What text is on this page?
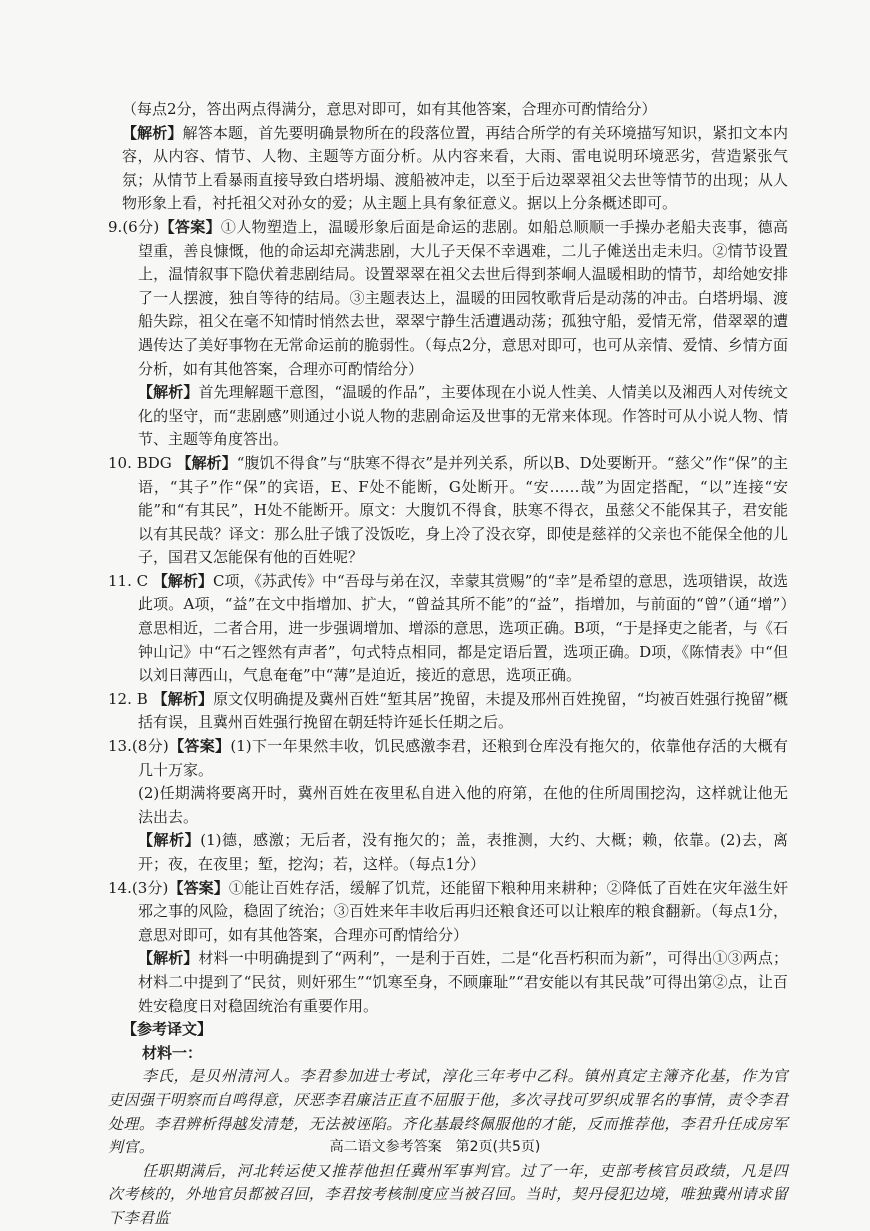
（每点2分，答出两点得满分，意思对即可，如有其他答案，合理亦可酌情给分）
【解析】解答本题，首先要明确景物所在的段落位置，再结合所学的有关环境描写知识，紧扣文本内容，从内容、情节、人物、主题等方面分析。从内容来看，大雨、雷电说明环境恶劣，营造紧张气氛；从情节上看暴雨直接导致白塔坍塌、渡船被冲走，以至于后边翠翠祖父去世等情节的出现；从人物形象上看，衬托祖父对孙女的爱；从主题上具有象征意义。据以上分条概述即可。
9.(6分)【答案】①人物塑造上，温暖形象后面是命运的悲剧。如船总顺顺一手操办老船夫丧事，德高望重，善良慷慨，他的命运却充满悲剧，大儿子天保不幸遇难，二儿子傩送出走未归。②情节设置上，温情叙事下隐伏着悲剧结局。设置翠翠在祖父去世后得到茶峒人温暖相助的情节，却给她安排了一人摆渡，独自等待的结局。③主题表达上，温暖的田园牧歌背后是动荡的冲击。白塔坍塌、渡船失踪，祖父在毫不知情时悄然去世，翠翠宁静生活遭遇动荡；孤独守船，爱情无常，借翠翠的遭遇传达了美好事物在无常命运前的脆弱性。（每点2分，意思对即可，也可从亲情、爱情、乡情方面分析，如有其他答案，合理亦可酌情给分）
【解析】首先理解题干意图，“温暖的作品”，主要体现在小说人性美、人情美以及湘西人对传统文化的坚守，而“悲剧感”则通过小说人物的悲剧命运及世事的无常来体现。作答时可从小说人物、情节、主题等角度答出。
10. BDG 【解析】“腹饥不得食”与“肤寒不得衣”是并列关系，所以B、D处要断开。“慈父”作“保”的主语，“其子”作“保”的宾语，E、F处不能断，G处断开。“安……哉”为固定搭配，“以”连接“安能”和“有其民”，H处不能断开。原文：大腹饥不得食，肤寒不得衣，虽慈父不能保其子，君安能以有其民哉？译文：那么肚子饿了没饭吃，身上冷了没衣穿，即使是慈祥的父亲也不能保全他的儿子，国君又怎能保有他的百姓呢？
11. C 【解析】C项，《苏武传》中“吾母与弟在汉，幸蒙其赏赐”的“幸”是希望的意思，选项错误，故选此项。A项，“益”在文中指增加、扩大，“曾益其所不能”的“益”，指增加，与前面的“曾”（通“增”）意思相近，二者合用，进一步强调增加、增添的意思，选项正确。B项，“于是择吏之能者，与《石钟山记》中“石之铿然有声者”，句式特点相同，都是定语后置，选项正确。D项，《陈情表》中“但以刘日薄西山，气息奄奄”中“薄”是迫近，接近的意思，选项正确。
12. B 【解析】原文仅明确提及冀州百姓“堑其居”挽留，未提及邢州百姓挽留，“均被百姓强行挽留”概括有误，且冀州百姓强行挽留在朝廷特许延长任期之后。
13.(8分)【答案】(1)下一年果然丰收，饥民感激李君，还粮到仓库没有拖欠的，依靠他存活的大概有几十万家。
(2)任期满将要离开时，冀州百姓在夜里私自进入他的府第，在他的住所周围挖沟，这样就让他无法出去。
【解析】(1)德，感激；无后者，没有拖欠的；盖，表推测，大约、大概；赖，依靠。(2)去，离开；夜，在夜里；堑，挖沟；若，这样。（每点1分）
14.(3分)【答案】①能让百姓存活，缓解了饥荒，还能留下粮种用来耕种；②降低了百姓在灾年滋生奸邪之事的风险，稳固了统治；③百姓来年丰收后再归还粮食还可以让粮库的粮食翻新。（每点1分，意思对即可，如有其他答案，合理亦可酌情给分）
【解析】材料一中明确提到了“两利”，一是利于百姓，二是“化吾朽积而为新”，可得出①③两点；材料二中提到了“民贫，则奸邪生”“饥寒至身，不顾廉耻”“君安能以有其民哉”可得出第②点，让百姓安稳度日对稳固统治有重要作用。
【参考译文】
材料一：
李氏，是贝州清河人。李君参加进士考试，淳化三年考中乙科。镇州真定主簿齐化基，作为官吏因强干明察而自鸣得意，厌恶李君廉洁正直不屈服于他，多次寻找可罗织成罪名的事情，责令李君处理。李君辨析得越发清楚，无法被诬陷。齐化基最终佩服他的才能，反而推荐他，李君升任成房军判官。
任职期满后，河北转运使又推荐他担任冀州军事判官。过了一年，吏部考核官员政绩，凡是四次考核的，外地官员都被召回，李君按考核制度应当被召回。当时，契丹侵犯边境，唯独冀州请求留下李君监
高二语文参考答案　第2页(共5页)
